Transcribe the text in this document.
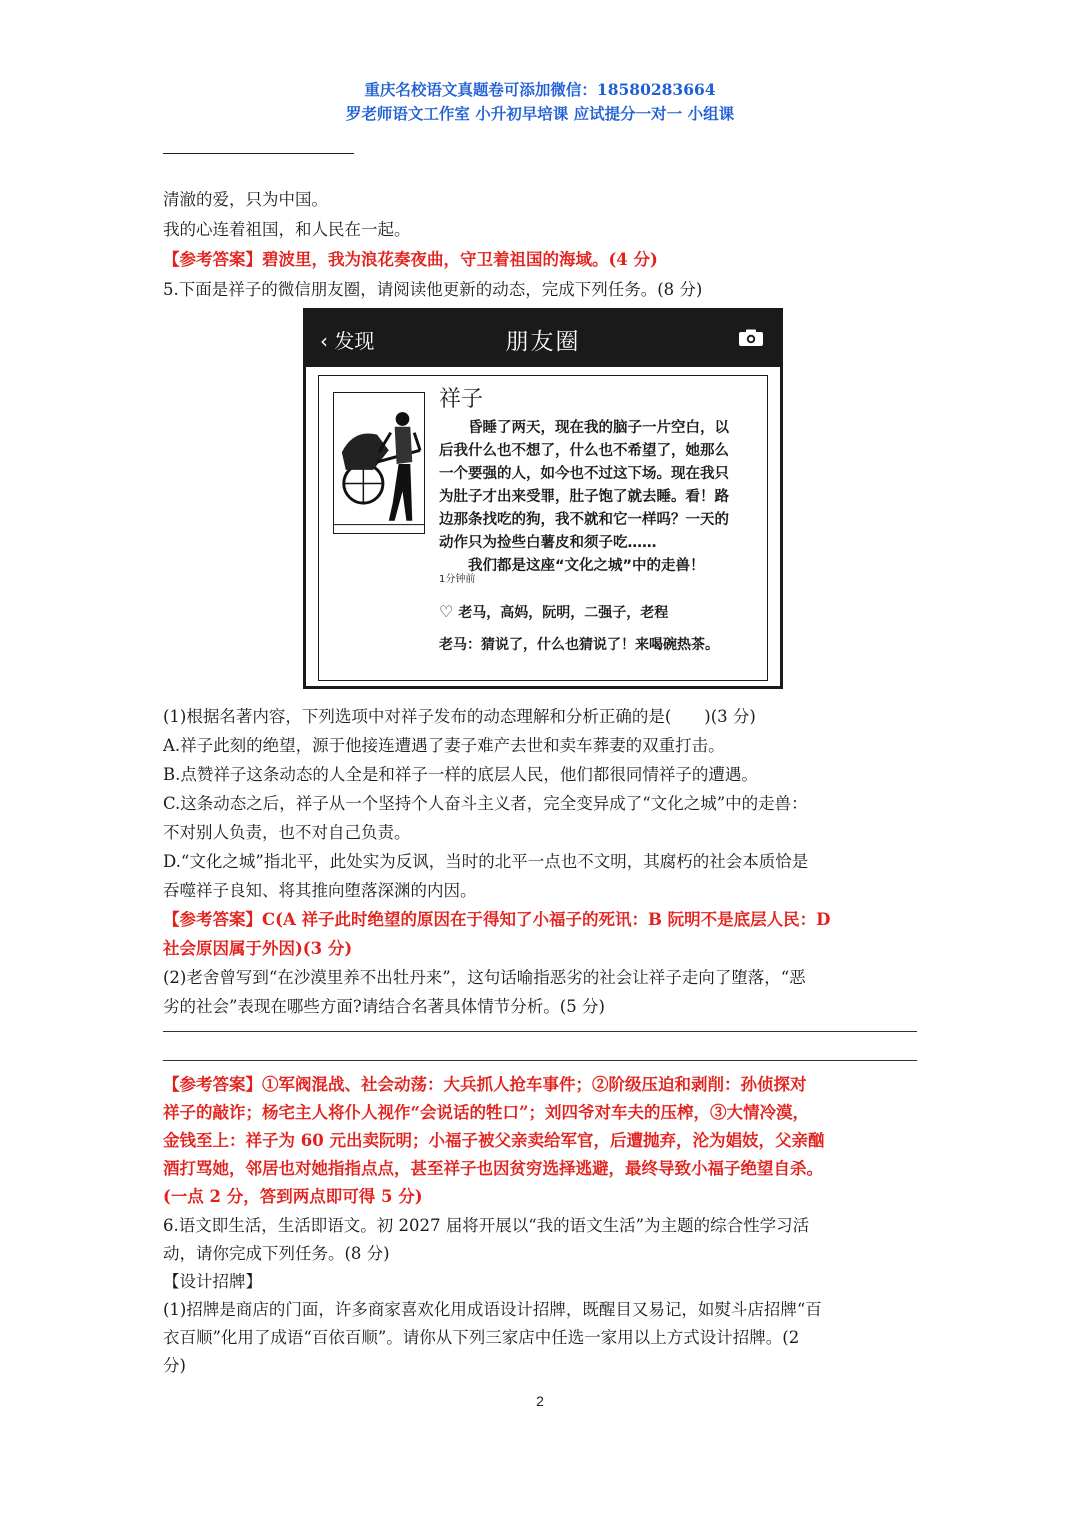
重庆名校语文真题卷可添加微信：18580283664
罗老师语文工作室 小升初早培课 应试提分一对一 小组课
清澈的爱，只为中国。
我的心连着祖国，和人民在一起。
【参考答案】碧波里，我为浪花奏夜曲，守卫着祖国的海域。(4 分)
5.下面是祥子的微信朋友圈，请阅读他更新的动态，完成下列任务。(8 分)
‹ 发现	朋友圈
祥子
　　昏睡了两天，现在我的脑子一片空白，以
后我什么也不想了，什么也不希望了，她那么
一个要强的人，如今也不过这下场。现在我只
为肚子才出来受罪，肚子饱了就去睡。看！路
边那条找吃的狗，我不就和它一样吗？一天的
动作只为捡些白薯皮和须子吃……
　　我们都是这座“文化之城”中的走兽！
1分钟前
♡ 老马，高妈，阮明，二强子，老程
老马：猜说了，什么也猜说了！来喝碗热茶。
(1)根据名著内容，下列选项中对祥子发布的动态理解和分析正确的是(　　)(3 分)
A.祥子此刻的绝望，源于他接连遭遇了妻子难产去世和卖车葬妻的双重打击。
B.点赞祥子这条动态的人全是和祥子一样的底层人民，他们都很同情祥子的遭遇。
C.这条动态之后，祥子从一个坚持个人奋斗主义者，完全变异成了“文化之城”中的走兽：
不对别人负责，也不对自己负责。
D.“文化之城”指北平，此处实为反讽，当时的北平一点也不文明，其腐朽的社会本质恰是
吞噬祥子良知、将其推向堕落深渊的内因。
【参考答案】C(A 祥子此时绝望的原因在于得知了小福子的死讯：B 阮明不是底层人民：D
社会原因属于外因)(3 分)
(2)老舍曾写到“在沙漠里养不出牡丹来”，这句话喻指恶劣的社会让祥子走向了堕落，“恶
劣的社会”表现在哪些方面?请结合名著具体情节分析。(5 分)
【参考答案】①军阀混战、社会动荡：大兵抓人抢车事件；②阶级压迫和剥削：孙侦探对
祥子的敲诈；杨宅主人将仆人视作“会说话的牲口”；刘四爷对车夫的压榨，③大情冷漠，
金钱至上：祥子为 60 元出卖阮明；小福子被父亲卖给军官，后遭抛弃，沦为娼妓，父亲酗
酒打骂她，邻居也对她指指点点，甚至祥子也因贫穷选择逃避，最终导致小福子绝望自杀。
(一点 2 分，答到两点即可得 5 分)
6.语文即生活，生活即语文。初 2027 届将开展以“我的语文生活”为主题的综合性学习活
动，请你完成下列任务。(8 分)
【设计招牌】
(1)招牌是商店的门面，许多商家喜欢化用成语设计招牌，既醒目又易记，如熨斗店招牌“百
衣百顺”化用了成语“百依百顺”。请你从下列三家店中任选一家用以上方式设计招牌。(2
分)
2
